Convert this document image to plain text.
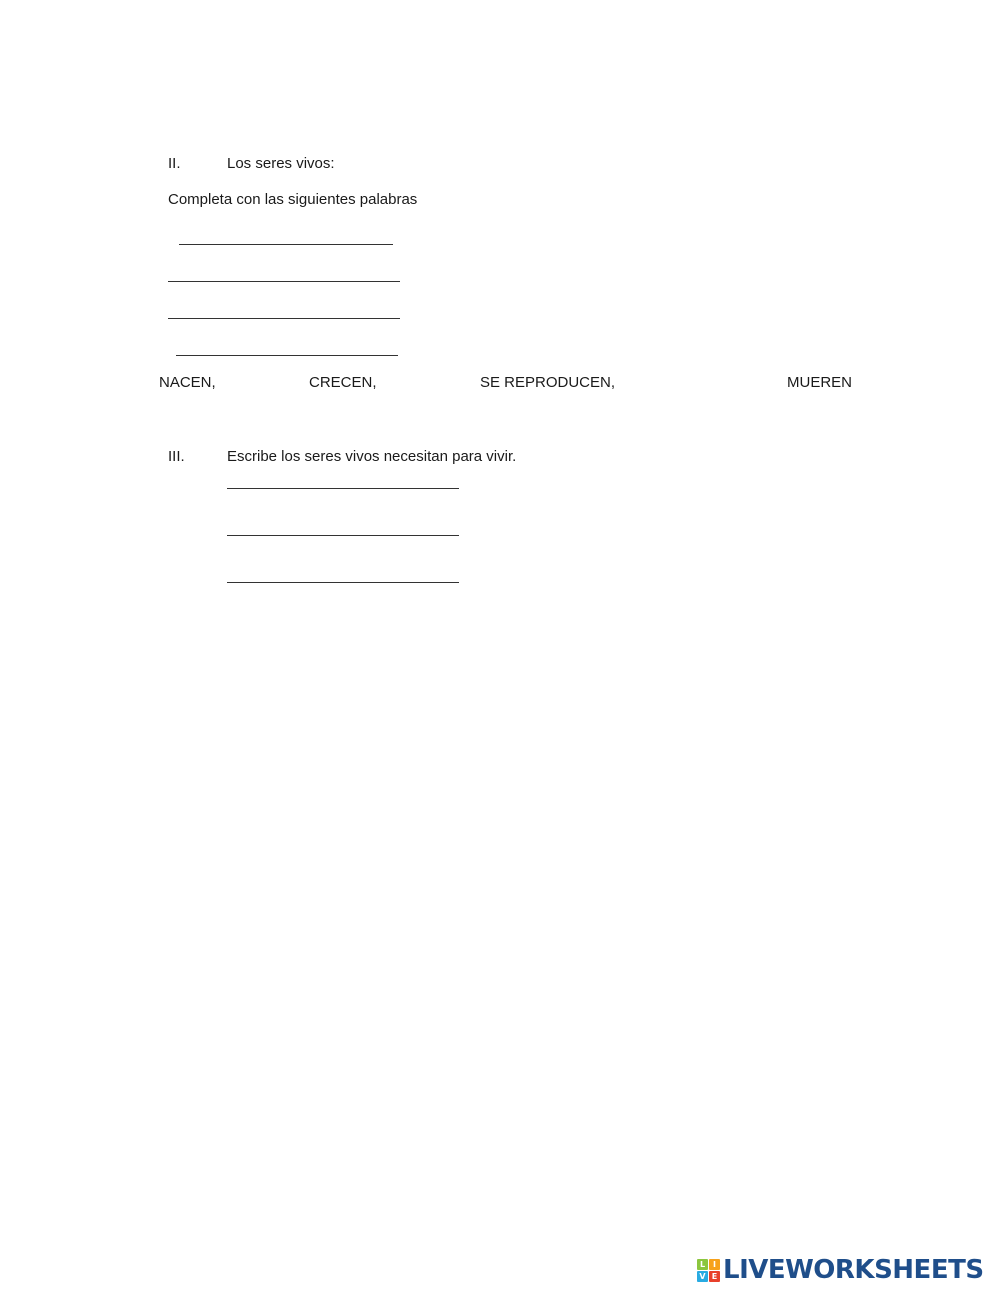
II.	Los seres vivos:
Completa con las siguientes palabras
NACEN,	CRECEN,	SE REPRODUCEN,	MUEREN
III.	Escribe los seres vivos necesitan para vivir.
L I
V E LIVEWORKSHEETS
